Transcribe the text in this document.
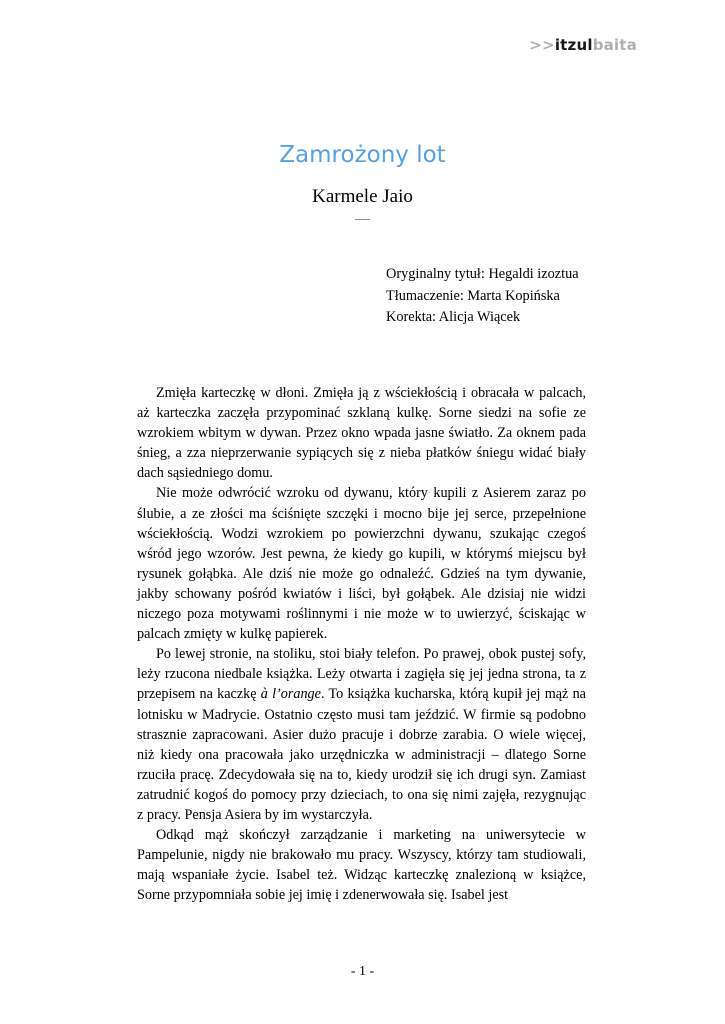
>>itzulbaita
Zamrożony lot
Karmele Jaio
–––
Oryginalny tytuł: Hegaldi izoztua
Tłumaczenie: Marta Kopińska
Korekta: Alicja Wiącek

Zmięła karteczkę w dłoni. Zmięła ją z wściekłością i obracała w palcach, aż karteczka zaczęła przypominać szklaną kulkę. Sorne siedzi na sofie ze wzrokiem wbitym w dywan. Przez okno wpada jasne światło. Za oknem pada śnieg, a zza nieprzerwanie sypiących się z nieba płatków śniegu widać biały dach sąsiedniego domu.

Nie może odwrócić wzroku od dywanu, który kupili z Asierem zaraz po ślubie, a ze złości ma ściśnięte szczęki i mocno bije jej serce, przepełnione wściekłością. Wodzi wzrokiem po powierzchni dywanu, szukając czegoś wśród jego wzorów. Jest pewna, że kiedy go kupili, w którymś miejscu był rysunek gołąbka. Ale dziś nie może go odnaleźć. Gdzieś na tym dywanie, jakby schowany pośród kwiatów i liści, był gołąbek. Ale dzisiaj nie widzi niczego poza motywami roślinnymi i nie może w to uwierzyć, ściskając w palcach zmięty w kulkę papierek.

Po lewej stronie, na stoliku, stoi biały telefon. Po prawej, obok pustej sofy, leży rzucona niedbale książka. Leży otwarta i zagięła się jej jedna strona, ta z przepisem na kaczkę à l’orange. To książka kucharska, którą kupił jej mąż na lotnisku w Madrycie. Ostatnio często musi tam jeździć. W firmie są podobno strasznie zapracowani. Asier dużo pracuje i dobrze zarabia. O wiele więcej, niż kiedy ona pracowała jako urzędniczka w administracji – dlatego Sorne rzuciła pracę. Zdecydowała się na to, kiedy urodził się ich drugi syn. Zamiast zatrudnić kogoś do pomocy przy dzieciach, to ona się nimi zajęła, rezygnując z pracy. Pensja Asiera by im wystarczyła.

Odkąd mąż skończył zarządzanie i marketing na uniwersytecie w Pampelunie, nigdy nie brakowało mu pracy. Wszyscy, którzy tam studiowali, mają wspaniałe życie. Isabel też. Widząc karteczkę znalezioną w książce, Sorne przypomniała sobie jej imię i zdenerwowała się. Isabel jest

- 1 -
